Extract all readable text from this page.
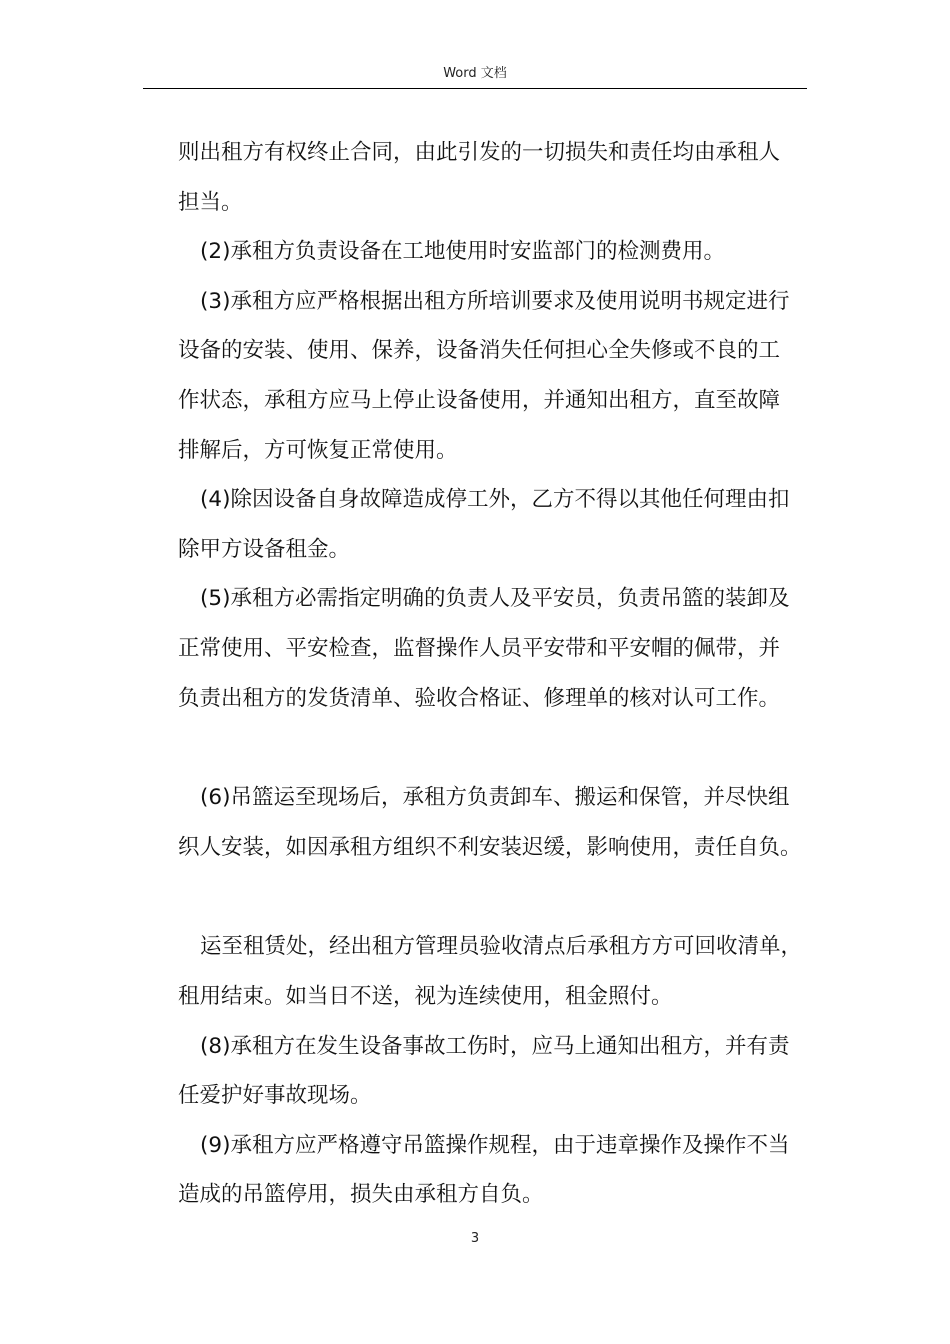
Word 文档
则出租方有权终止合同，由此引发的一切损失和责任均由承租人
担当。
(2)承租方负责设备在工地使用时安监部门的检测费用。
(3)承租方应严格根据出租方所培训要求及使用说明书规定进行
设备的安装、使用、保养，设备消失任何担心全失修或不良的工
作状态，承租方应马上停止设备使用，并通知出租方，直至故障
排解后，方可恢复正常使用。
(4)除因设备自身故障造成停工外，乙方不得以其他任何理由扣
除甲方设备租金。
(5)承租方必需指定明确的负责人及平安员，负责吊篮的装卸及
正常使用、平安检查，监督操作人员平安带和平安帽的佩带，并
负责出租方的发货清单、验收合格证、修理单的核对认可工作。
(6)吊篮运至现场后，承租方负责卸车、搬运和保管，并尽快组
织人安装，如因承租方组织不利安装迟缓，影响使用，责任自负。
运至租赁处，经出租方管理员验收清点后承租方方可回收清单，
租用结束。如当日不送，视为连续使用，租金照付。
(8)承租方在发生设备事故工伤时，应马上通知出租方，并有责
任爱护好事故现场。
(9)承租方应严格遵守吊篮操作规程，由于违章操作及操作不当
造成的吊篮停用，损失由承租方自负。
3
